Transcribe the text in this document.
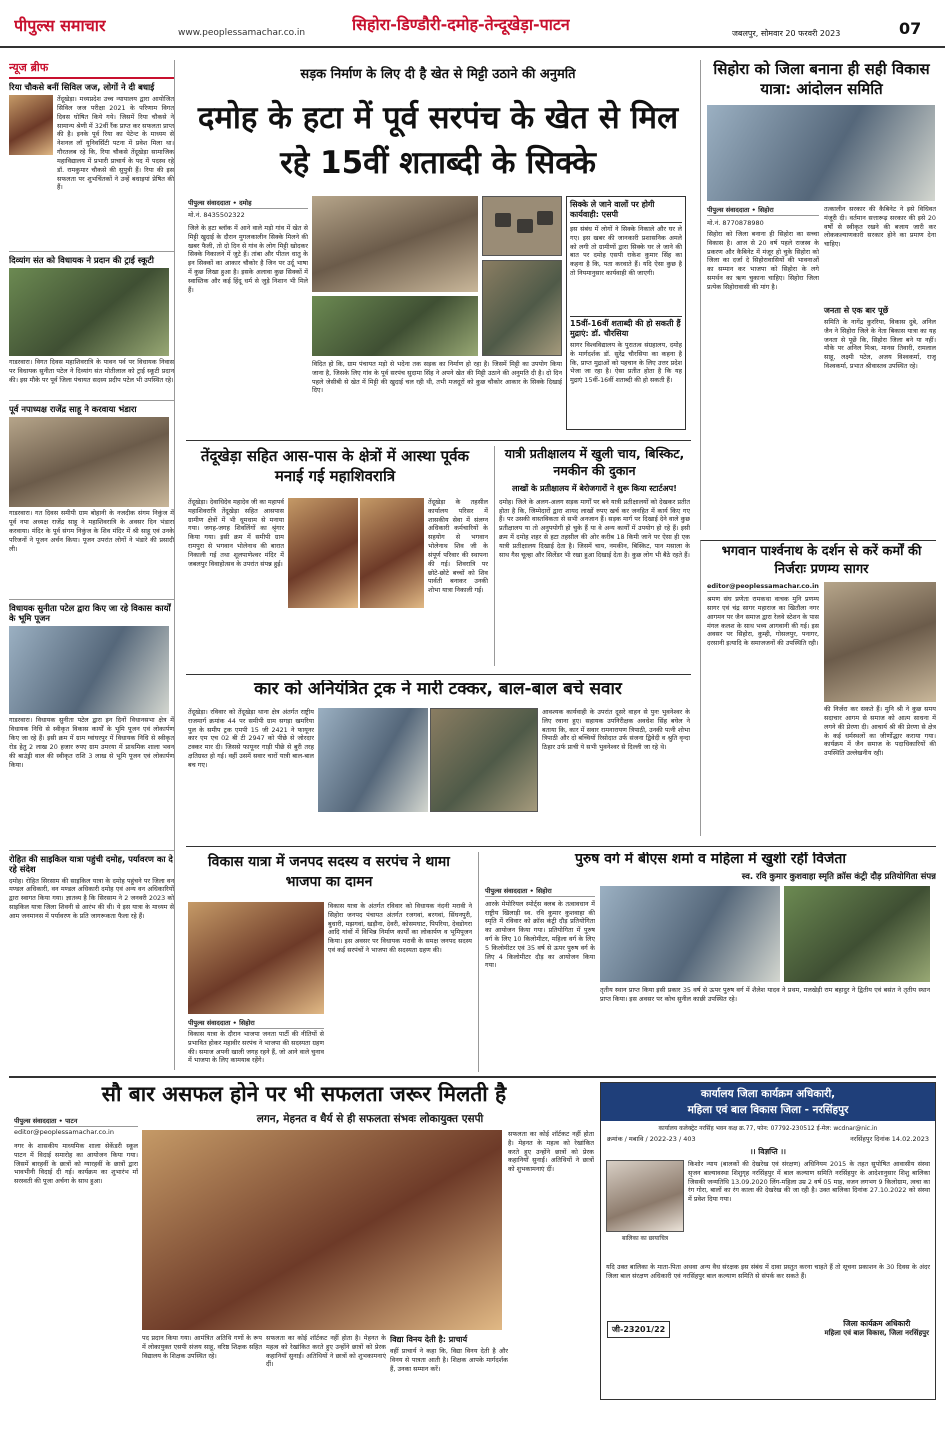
पीपुल्स समाचार	www.peoplessamachar.co.in	सिहोरा-डिण्डौरी-दमोह-तेन्दूखेड़ा-पाटन	जबलपुर, सोमवार 20 फरवरी 2023	07
न्यूज ब्रीफ
रिया चौकसे बनीं सिविल जज, लोगों ने दी बधाई
तेंदूखेड़ा। मध्यप्रदेश उच्च न्यायालय द्वारा आयोजित सिविल जज परीक्षा 2021 के परिणाम विगत दिवस घोषित किये गये। जिसमें रिया चौकसे ने सामान्य श्रेणी में 32वीं रैंक प्राप्त कर सफलता प्राप्त की है। इनके पूर्व रिया का पेटेन्ट के माध्यम से नेशनल लॉ यूनिवर्सिटी पटना में प्रवेश मिला था। गौरतलब रहे कि, रिया चौकसे तेंदूखेड़ा सामाजिक महाविद्यालय में प्रभारी प्राचार्य के पद में पदस्थ रहे डॉ. रामकुमार चौकसे की सुपुत्री हैं। रिया की इस सफलता पर शुभचिंतकों ने उन्हें बधाइयां प्रेषित की हैं।
दिव्यांग संत को विधायक ने प्रदान की ट्राई स्कूटी
गाडरवारा। विगत दिवस महाशिवरात्रि के पावन पर्व पर विधायक निवास पर विधायक सुनीता पटेल ने दिव्यांग संत मोतीलाल को ट्राई स्कूटी प्रदान की। इस मौके पर पूर्व जिला पंचायत सदस्य प्रदीप पटेल भी उपस्थित रहे।
पूर्व नपाध्यक्ष राजेंद्र साहू ने करवाया भंडारा
गाडरवारा। गत दिवस समीपी ग्राम बोहानी के नजदीक संगम निकुंज में पूर्व नपा अध्यक्ष राजेंद्र साहू ने महाशिवरात्रि के अवसर दिन भंडारा करवाया। मंदिर के पूर्व संगम निकुंज के शिव मंदिर में श्री साहू एवं उनके परिजनों ने पूजन अर्चन किया। पूजन उपरांत लोगों ने भंडारे की प्रसादी ली।
विधायक सुनीता पटेल द्वारा किए जा रहे विकास कार्यों के भूमि पूजन
गाडरवारा। विधायक सुनीता पटेल द्वारा इन दिनों विधानसभा क्षेत्र में विधायक निधि से स्वीकृत विकास कार्यों के भूमि पूजन एवं लोकार्पण किए जा रहे हैं। इसी क्रम में ग्राम ग्वांघरपुर में विधायक निधि से स्वीकृत रोड हेतु 2 लाख 20 हजार रुपए ग्राम उमरया में प्राथमिक शाला भवन की बाउंड्री वाल की स्वीकृत राशि 3 लाख से भूमि पूजन एवं लोकार्पण किया।
रोहित की साइकिल यात्रा पहुंची दमोह, पर्यावरण का दे रहे संदेश
दमोह। रोहित सिरसाम की साइकिल यात्रा के दमोह पहुंचने पर जिला वन मण्डल अधिकारी, वन मण्डल अधिकारी दमोह एवं अन्य वन अधिकारियों द्वारा स्वागत किया गया। ज्ञातव्य है कि सिरसाम ने 2 जनवरी 2023 को साइकिल यात्रा जिला शिवनी से आरंभ की थी। ये इस यात्रा के माध्यम से आम जनमानस में पर्यावरण के प्रति जागरूकता फैला रहे हैं।
सड़क निर्माण के लिए दी है खेत से मिट्टी उठाने की अनुमति
दमोह के हटा में पूर्व सरपंच के खेत से मिल रहे 15वीं शताब्दी के सिक्के
पीपुल्स संवाददाता • दमोह
मो.नं. 8435502322
जिले के हटा ब्लॉक में आने वाले मड़ो गांव में खेत से मिट्टी खुदाई के दौरान मुगलकालीन सिक्के मिलने की खबर फैली, तो दो दिन से गांव के लोग मिट्टी खोदकर सिक्के निकालने में जुटे हैं। तांबा और पीतल धातु के इन सिक्कों का आकार चौकोर है जिन पर उर्दू भाषा में कुछ लिखा हुआ है। इसके अलावा कुछ सिक्कों में स्वास्तिक और कई हिंदू धर्म से जुड़े निशान भी मिले हैं।
विदित हो कि, ग्राम पंचायत मड़ो से भदेना तक सड़क का निर्माण हो रहा है। जिसमें मिट्टी का उपयोग किया जाना है, जिसके लिए गांव के पूर्व सरपंच सुदामा सिंह ने अपने खेत की मिट्टी उठाने की अनुमति दी है। दो दिन पहले जेसीबी से खेत में मिट्टी की खुदाई चल रही थी, तभी मजदूरों को कुछ चौकोर आकार के सिक्के दिखाई दिए।
सिक्के ले जाने वालों पर होगी कार्यवाही: एसपी
इस संबंध में लोगों ने सिक्के निकाले और घर ले गए। इस खबर की जानकारी प्रशासनिक अमले को लगी तो ग्रामीणों द्वारा सिक्के घर ले जाने की बात पर दमोह एसपी राकेश कुमार सिंह का कहना है कि, पता करवाते हैं। यदि ऐसा कुछ है तो नियमानुसार कार्यवाही की जाएगी।
15वीं-16वीं शताब्दी की हो सकती हैं मुद्राएं: डॉ. चौरसिया
सागर विश्वविद्यालय के पुरातत्व संग्रहालय, दमोह के मार्गदर्शक डॉ. सुरेंद्र चौरसिया का कहना है कि, प्राप्त मुद्राओं को पहचान के लिए उत्तर प्रदेश भेजा जा रहा है। ऐसा प्रतीत होता है कि यह मुद्राएं 15वीं-16वीं शताब्दी की हो सकती हैं।
सिहोरा को जिला बनाना ही सही विकास यात्रा: आंदोलन समिति
पीपुल्स संवाददाता • सिहोरा
मो.नं. 8770878980
सिहोरा को जिला बनाना ही सिहोरा का सच्चा विकास है। आज से 20 वर्ष पहले राजस्व के प्रकरण और कैबिनेट में मंजूर हो चुके सिहोरा को जिला का दर्जा दे सिहोरावासियों की भावनाओं का सम्मान कर भाजपा को सिहोरा के लगे समर्थन का ऋण चुकाना चाहिए। सिहोरा जिला प्रत्येक सिहोरावासी की मांग है।
तत्कालीन सरकार की कैबिनेट ने इसे विधिवत मंजूरी दी। वर्तमान सत्तारूढ़ सरकार की इसे 20 वर्षों से स्वीकृत रखने की बजाय जारी कर लोककल्याणकारी सरकार होने का प्रमाण देना चाहिए।
जनता से एक बार पूछें
समिति के नागेंद्र कुररिया, विकास दुबे, अनिल जैन ने सिहोरा जिले के नेता बिकास यात्रा का यह जनता से पूछें कि, सिहोरा जिला बने या नहीं। मौके पर अनिल मिश्रा, मानस तिवारी, रामलाल साहू, लक्ष्मी पटेल, अजय विश्वकर्मा, राजू विश्वकर्मा, प्रभात श्रीवास्तव उपस्थित रहे।
तेंदूखेड़ा सहित आस-पास के क्षेत्रों में आस्था पूर्वक मनाई गई महाशिवरात्रि
तेंदूखेड़ा। देवाधिदेव महादेव जी का महापर्व महाशिवरात्रि तेंदूखेड़ा सहित आसपास ग्रामीण क्षेत्रों में भी धूमधाम से मनाया गया। जगह-जगह शिवलिंगों का श्रृंगार किया गया। इसी क्रम में समीपी ग्राम रामपुरा से भगवान भोलेनाथ की बारात निकाली गई तथा शूलपाणेश्वर मंदिर में जबलपुर विवाहोत्सव के उपरांत संपन्न हुई।
तेंदूखेड़ा के तहसील कार्यालय परिसर में शासकीय सेवा में संलग्न अधिकारी कर्मचारियों के सहयोग से भगवान भोलेनाथ शिव जी के संपूर्ण परिवार की स्थापना की गई। शिवरात्रि पर छोटे-छोटे बच्चों को शिव पार्वती बनाकर उनकी शोभा यात्रा निकाली गई।
यात्री प्रतीक्षालय में खुली चाय, बिस्किट, नमकीन की दुकान
लाखों के प्रतीक्षालय में बेरोजगारों ने शुरू किया स्टार्टअप!
दमोह। जिले के अलग-अलग सड़क मार्गों पर बने यात्री प्रतीक्षालयों को देखकर प्रतीत होता है कि, जिम्मेदारों द्वारा शायद लाखों रुपए खर्च कर जनहित में कार्य किए गए हैं। पर उसकी वास्तविकता से सभी अनजान हैं। सड़क मार्ग पर दिखाई देने वाले कुछ प्रतीक्षालय या तो अनुपयोगी हो चुके हैं या वे अन्य कार्यों में उपयोग हो रहे हैं। इसी क्रम में दमोह शहर से हटा तहसील की ओर करीब 18 किमी जाने पर ऐसा ही एक यात्री प्रतीक्षालय दिखाई देता है। जिसमें चाय, नमकीन, बिस्किट, पान मसाला के साथ गैस चूल्हा और सिलेंडर भी रखा हुआ दिखाई देता है। कुछ लोग भी बैठे रहते हैं।	भगवान पार्श्वनाथ के दर्शन से करें कर्मों की निर्जराः प्रणम्य सागर
editor@peoplessamachar.co.in
श्रमण संघ प्रणेता रामकथा वाचक मुनि प्रणम्य सागर एवं चंद्र सागर महाराज का खितौला नगर आगमन पर जैन समाज द्वारा रेलवे स्टेशन के पास मंगल कलश के साथ भव्य आगवानी की गई। इस अवसर पर सिहोरा, कुम्ही, गोसलपुर, पनागर, दरसानी इत्यादि के समाजजनों की उपस्थिति रही।
की निर्जरा कर सकते हैं। मुनि श्री ने कुछ समय सदाचार आगम से समाज को आत्म साधना में लगने की प्रेरणा दी। आचार्य श्री की प्रेरणा से क्षेत्र के कई धर्मस्थलों का जीर्णोद्धार कराया गया। कार्यक्रम में जैन समाज के पदाधिकारियों की उपस्थिति उल्लेखनीय रही।
कार को अनियंत्रित ट्रक ने मारी टक्कर, बाल-बाल बचे सवार
तेंदूखेड़ा। रविवार को तेंदूखेड़ा थाना क्षेत्र अंतर्गत राष्ट्रीय राजमार्ग क्रमांक 44 पर समीपी ग्राम सगड़ा खमरिया पुल के समीप ट्रक एमपी 15 जी 2421 ने फायूनर कार एम एच 02 बी टी 2947 को पीछे से जोरदार टक्कर मार दी। जिससे फायूनर गाड़ी पीछे से बुरी तरह क्षतिग्रस्त हो गई। वहीं उसमें सवार चारों यात्री बाल-बाल बच गए।
आवश्यक कार्यवाही के उपरांत दूसरे वाहन से पुनः भुवनेश्वर के लिए रवाना हुए। सहायक उपनिरीक्षक अवधेश सिंह बघेल ने बताया कि, कार में सवार रामनारायण त्रिपाठी, उनकी पत्नी शोभा त्रिपाठी और दो बच्चियों रिसोदात उर्फ संजना द्विवेदी व श्रुति वृन्दा ठिहार उर्फ प्राची ये सभी भुवनेश्वर से दिल्ली जा रहे थे।
विकास यात्रा में जनपद सदस्य व सरपंच ने थामा भाजपा का दामन
पीपुल्स संवाददाता • सिहोरा
विकास यात्रा के दौरान भाजपा जनता पार्टी की नीतियों से प्रभावित होकर महावीर सरपंच ने भाजपा की सदस्यता ग्रहण की। समाज अपनी खाली जगह रहने हैं, जो आने वाले चुनाव में भाजपा के लिए कामयाब रहेंगे।
विकास यात्रा के अंतर्गत रविवार को विधायक नंदनी मरावी ने सिहोरा जनपद पंचायत अंतर्गत रजगवां, बरगवां, सिंघनपुरी, बुधारी, मझगवां, खड़ौना, देवरी, कोसमघाट, पिपरिया, देवडोगरा आदि गांवों में विभिन्न निर्माण कार्यों का लोकार्पण व भूमिपूजन किया। इस अवसर पर विधायक मरावी के समक्ष जनपद सदस्य एवं कई सरपंचों ने भाजपा की सदस्यता ग्रहण की।
पुरुष वर्ग में बीएस शर्मा व महिला में खुशी रहीं विजेता
स्व. रवि कुमार कुशवाहा स्मृति क्रॉस कंट्री दौड़ प्रतियोगिता संपन्न
पीपुल्स संवाददाता • सिहोरा
आरके मेमोरियल स्पोर्ट्स क्लब के तत्वावधान में राष्ट्रीय खिलाड़ी स्व. रवि कुमार कुशवाहा की स्मृति में रविवार को क्रॉस कंट्री दौड़ प्रतियोगिता का आयोजन किया गया। प्रतियोगिता में पुरुष वर्ग के लिए 10 किलोमीटर, महिला वर्ग के लिए 5 किलोमीटर एवं 35 वर्ष से ऊपर पुरुष वर्ग के लिए 4 किलोमीटर दौड़ का आयोजन किया गया।
तृतीय स्थान प्राप्त किया इसी प्रकार 35 वर्ष से ऊपर पुरुष वर्ग में शैलेश यादव ने प्रथम, मलखेड़ी राम बहादुर ने द्वितीय एवं बसंत ने तृतीय स्थान प्राप्त किया। इस अवसर पर कोच सुनील काछी उपस्थित रहे।
सौ बार असफल होने पर भी सफलता जरूर मिलती है
पीपुल्स संवाददाता • पाटन
editor@peoplessamachar.co.in
लगन, मेहनत व धैर्य से ही सफलता संभवः लोकायुक्त एसपी
नगर के शासकीय माध्यमिक शाला सेकेंडरी स्कूल पाटन में विदाई समारोह का आयोजन किया गया। जिसमें बारहवीं के छात्रों को ग्यारहवीं के छात्रों द्वारा भावभीनी विदाई दी गई। कार्यक्रम का शुभारंभ माँ सरस्वती की पूजा अर्चना के साथ हुआ।
पद प्रदान किया गया। आमंत्रित अतिथि गणों के रूप में लोकायुक्त एसपी संजय साहू, वरिष्ठ शिक्षक सहित विद्यालय के शिक्षक उपस्थित रहे।
सफलता का कोई शॉर्टकट नहीं होता है। मेहनत के महत्व को रेखांकित करते हुए उन्होंने छात्रों को प्रेरक कहानियाँ सुनाईं। अतिथियों ने छात्रों को शुभकामनाएं दीं।
विद्या विनय देती है: प्राचार्य
वहीं प्राचार्य ने कहा कि, विद्या विनय देती है और विनय से पात्रता आती है। शिक्षक आपके मार्गदर्शक हैं, उनका सम्मान करें।
सफलता का कोई शॉर्टकट नहीं होता है। मेहनत के महत्व को रेखांकित करते हुए उन्होंने छात्रों को प्रेरक कहानियाँ सुनाईं। अतिथियों ने छात्रों को शुभकामनाएं दीं।
कार्यालय जिला कार्यक्रम अधिकारी,
महिला एवं बाल विकास जिला - नरसिंहपुर
कार्यालय कलेक्ट्रेट नरसिंह भवन कक्ष क्र.77, फोन: 07792-230512 ई-मेल: wcdnar@nic.in
क्रमांक / मबावि / 2022-23 / 403	नरसिंहपुर दिनांक 14.02.2023
।। विज्ञप्ति ।।
बालिका का छायाचित्र
किशोर न्याय (बालकों की देखरेख एवं संरक्षण) अधिनियम 2015 के तहत सुपोषित आवासीय संस्था सृजन बाल्यावस्था शिशुगृह नरसिंहपुर में बाल कल्याण समिति नरसिंहपुर के आदेशानुसार शिशु बालिका जिसकी जन्मतिथि 13.09.2020 लिंग-महिला उम्र 2 वर्ष 05 माह, वजन लगभग 9 किलोग्राम, त्वचा का रंग गोरा, बालों का रंग काला की देखरेख की जा रही है। उक्त बालिका दिनांक 27.10.2022 को संस्था में प्रवेश दिया गया।
यदि उक्त बालिका के माता-पिता अथवा अन्य वैध संरक्षक इस संबंध में दावा प्रस्तुत करना चाहते हैं तो सूचना प्रकाशन के 30 दिवस के अंदर जिला बाल संरक्षण अधिकारी एवं नरसिंहपुर बाल कल्याण समिति से संपर्क कर सकते हैं।
जी-23201/22
जिला कार्यक्रम अधिकारी
महिला एवं बाल विकास, जिला नरसिंहपुर
